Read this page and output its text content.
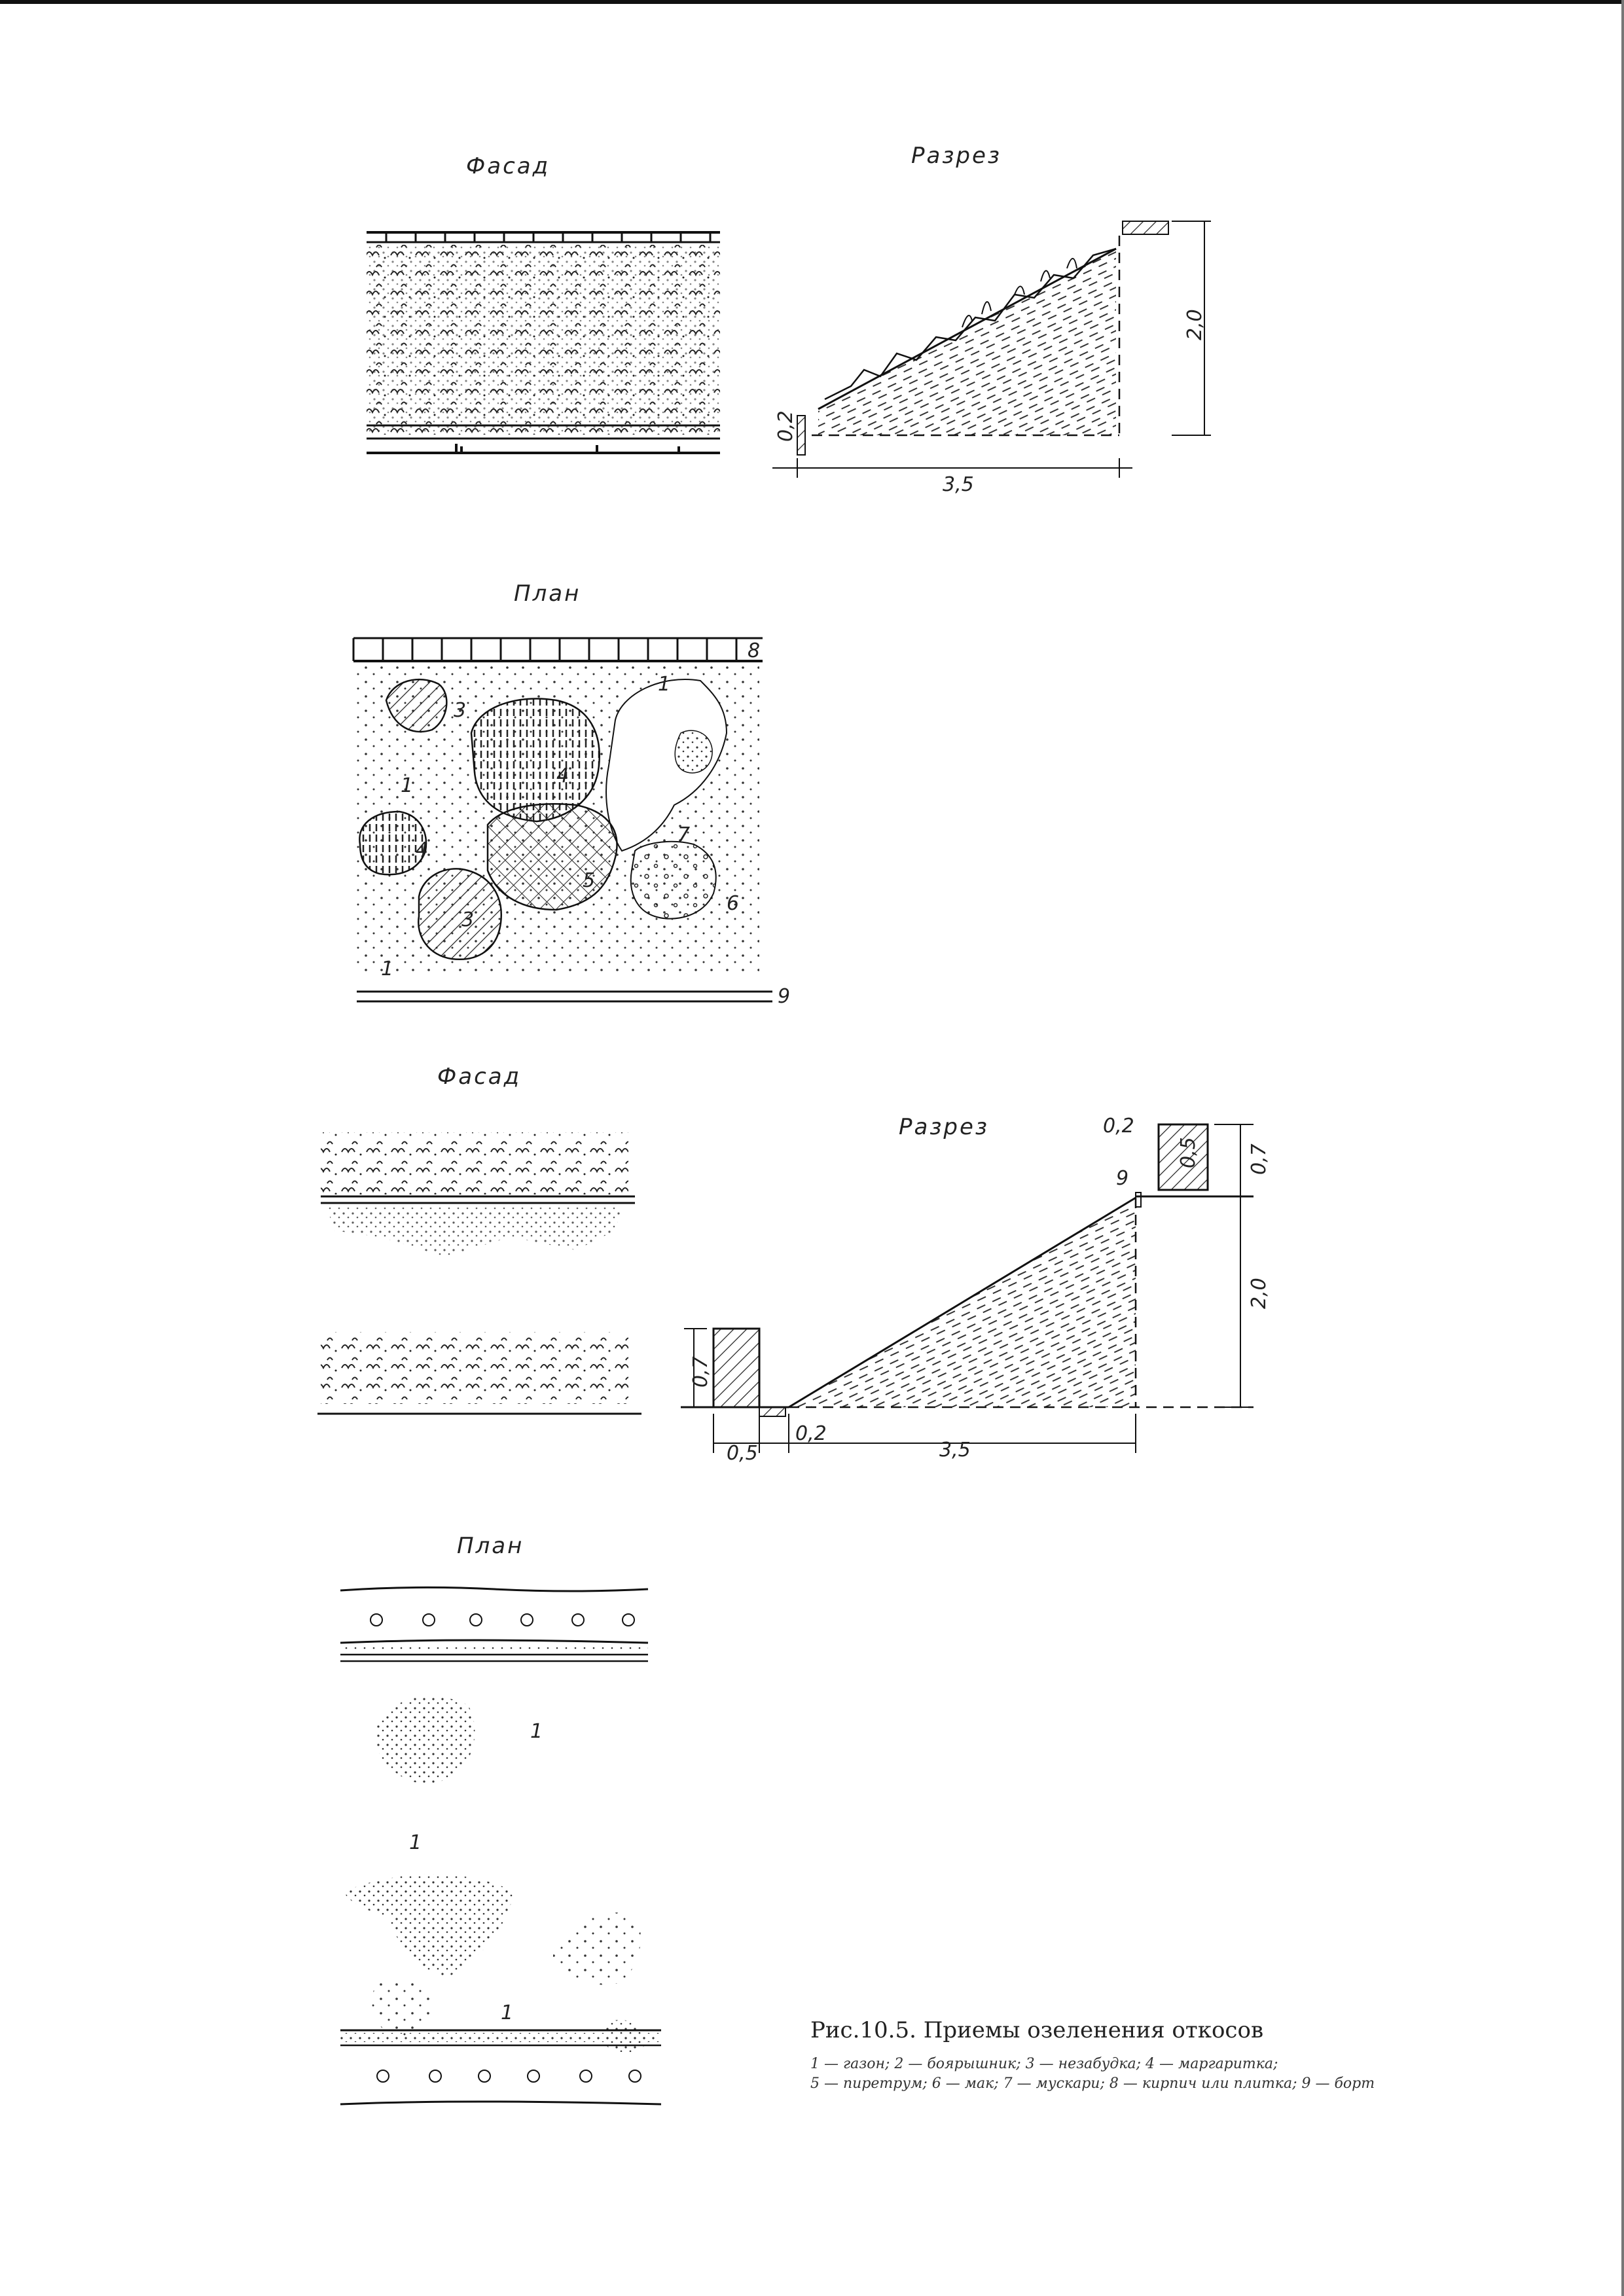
Фасад	Разрез
План
Фасад
Разрез
План
2,0
0,2
3,5
8
9
1
1
1
3
3
4
4
5
6
7
0,2
0,5 0,7
9
2,0
0,7
0,5
0,2
3,5
1
1
1
Рис.10.5. Приемы озеленения откосов
1 — газон; 2 — боярышник; 3 — незабудка; 4 — маргаритка;
5 — пиретрум; 6 — мак; 7 — мускари; 8 — кирпич или плитка; 9 — борт
